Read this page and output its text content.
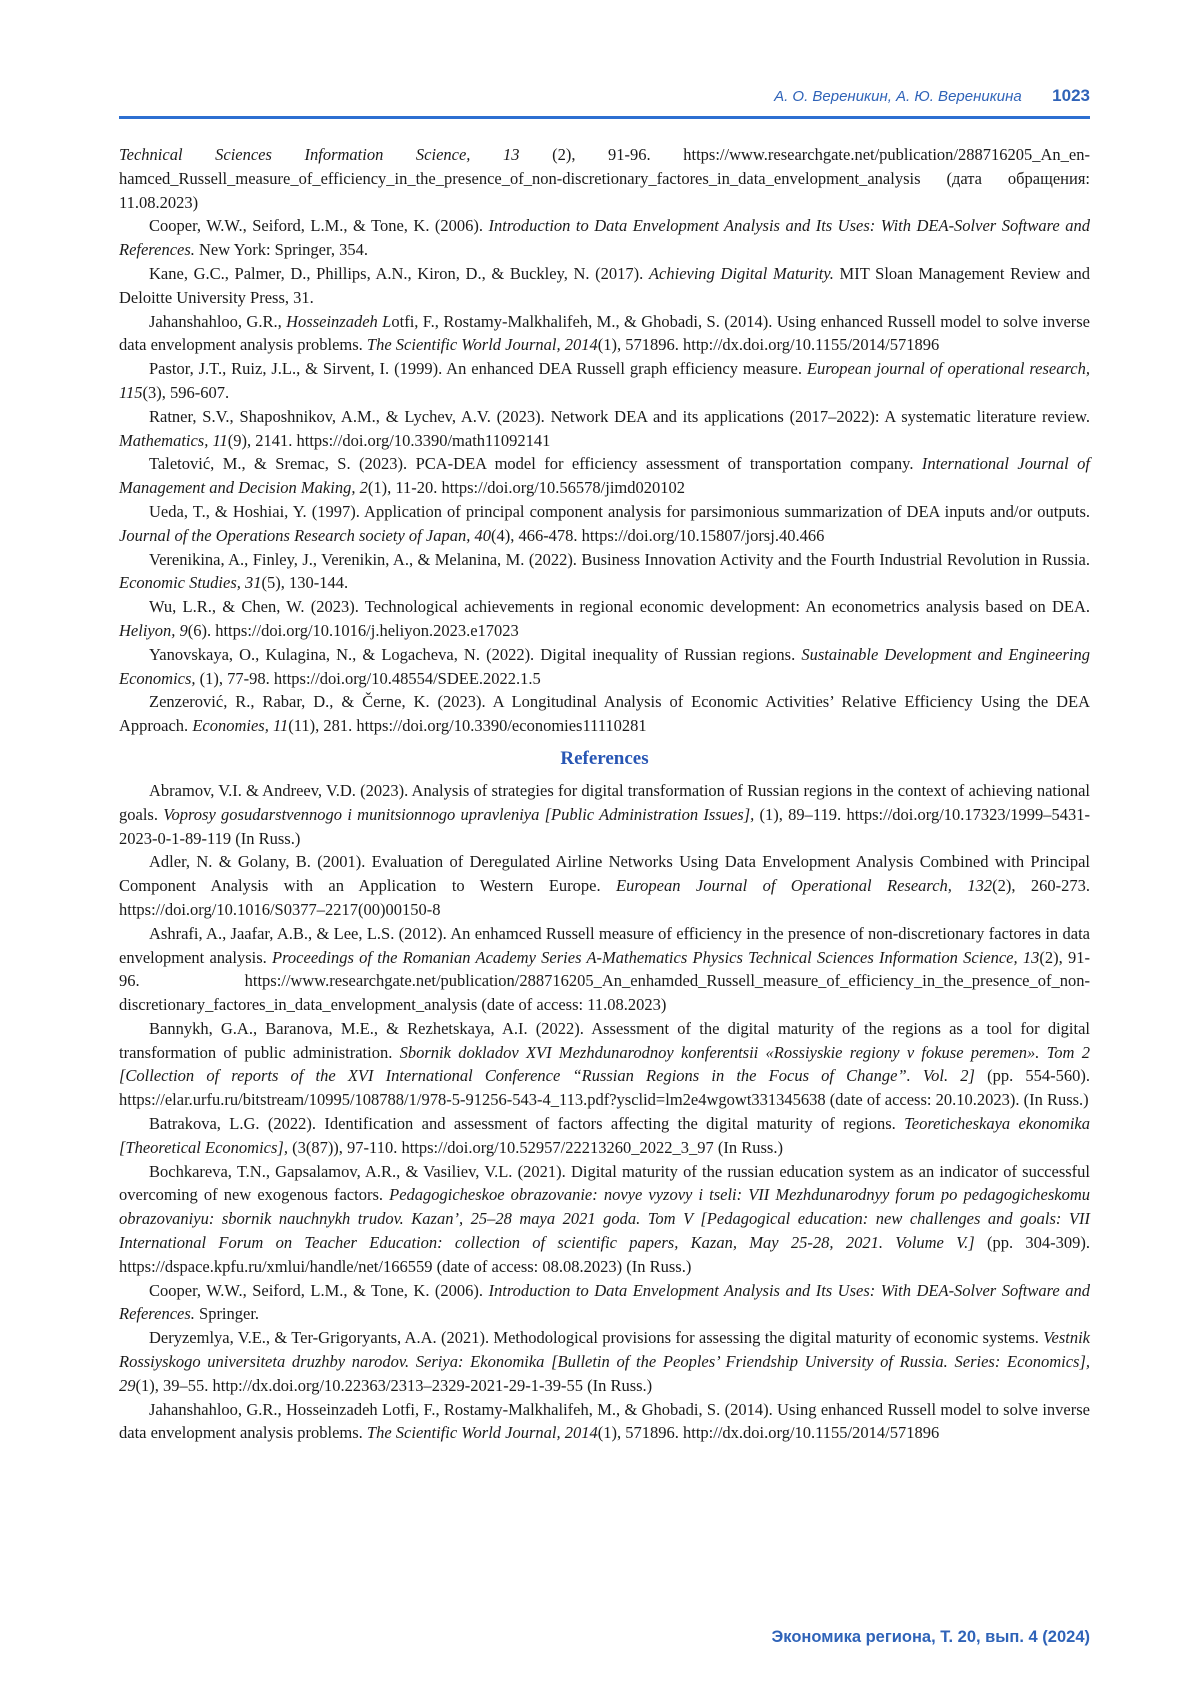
А. О. Вереникин, А. Ю. Вереникина 1023

Technical Sciences Information Science, 13 (2), 91-96. https://www.researchgate.net/publication/288716205_An_enhamced_Russell_measure_of_efficiency_in_the_presence_of_non-discretionary_factores_in_data_envelopment_analysis (дата обращения: 11.08.2023)

Cooper, W.W., Seiford, L.M., & Tone, K. (2006). Introduction to Data Envelopment Analysis and Its Uses: With DEA-Solver Software and References. New York: Springer, 354.

Kane, G.C., Palmer, D., Phillips, A.N., Kiron, D., & Buckley, N. (2017). Achieving Digital Maturity. MIT Sloan Management Review and Deloitte University Press, 31.

Jahanshahloo, G.R., Hosseinzadeh Lotfi, F., Rostamy-Malkhalifeh, M., & Ghobadi, S. (2014). Using enhanced Russell model to solve inverse data envelopment analysis problems. The Scientific World Journal, 2014(1), 571896. http://dx.doi.org/10.1155/2014/571896

Pastor, J.T., Ruiz, J.L., & Sirvent, I. (1999). An enhanced DEA Russell graph efficiency measure. European journal of operational research, 115(3), 596-607.

Ratner, S.V., Shaposhnikov, A.M., & Lychev, A.V. (2023). Network DEA and its applications (2017–2022): A systematic literature review. Mathematics, 11(9), 2141. https://doi.org/10.3390/math11092141

Taletović, M., & Sremac, S. (2023). PCA-DEA model for efficiency assessment of transportation company. International Journal of Management and Decision Making, 2(1), 11-20. https://doi.org/10.56578/jimd020102

Ueda, T., & Hoshiai, Y. (1997). Application of principal component analysis for parsimonious summarization of DEA inputs and/or outputs. Journal of the Operations Research society of Japan, 40(4), 466-478. https://doi.org/10.15807/jorsj.40.466

Verenikina, A., Finley, J., Verenikin, A., & Melanina, M. (2022). Business Innovation Activity and the Fourth Industrial Revolution in Russia. Economic Studies, 31(5), 130-144.

Wu, L.R., & Chen, W. (2023). Technological achievements in regional economic development: An econometrics analysis based on DEA. Heliyon, 9(6). https://doi.org/10.1016/j.heliyon.2023.e17023

Yanovskaya, O., Kulagina, N., & Logacheva, N. (2022). Digital inequality of Russian regions. Sustainable Development and Engineering Economics, (1), 77-98. https://doi.org/10.48554/SDEE.2022.1.5

Zenzerović, R., Rabar, D., & Černe, K. (2023). A Longitudinal Analysis of Economic Activities’ Relative Efficiency Using the DEA Approach. Economies, 11(11), 281. https://doi.org/10.3390/economies11110281

References

Abramov, V.I. & Andreev, V.D. (2023). Analysis of strategies for digital transformation of Russian regions in the context of achieving national goals. Voprosy gosudarstvennogo i munitsionnogo upravleniya [Public Administration Issues], (1), 89–119. https://doi.org/10.17323/1999–5431-2023-0-1-89-119 (In Russ.)

Adler, N. & Golany, B. (2001). Evaluation of Deregulated Airline Networks Using Data Envelopment Analysis Combined with Principal Component Analysis with an Application to Western Europe. European Journal of Operational Research, 132(2), 260-273. https://doi.org/10.1016/S0377–2217(00)00150-8

Ashrafi, A., Jaafar, A.B., & Lee, L.S. (2012). An enhamced Russell measure of efficiency in the presence of non-discretionary factores in data envelopment analysis. Proceedings of the Romanian Academy Series A-Mathematics Physics Technical Sciences Information Science, 13(2), 91-96. https://www.researchgate.net/publication/288716205_An_enhamded_Russell_measure_of_efficiency_in_the_presence_of_non-discretionary_factores_in_data_envelopment_analysis (date of access: 11.08.2023)

Bannykh, G.A., Baranova, M.E., & Rezhetskaya, A.I. (2022). Assessment of the digital maturity of the regions as a tool for digital transformation of public administration. Sbornik dokladov XVI Mezhdunarodnoy konferentsii «Rossiyskie regiony v fokuse peremen». Tom 2 [Collection of reports of the XVI International Conference “Russian Regions in the Focus of Change”. Vol. 2] (pp. 554-560). https://elar.urfu.ru/bitstream/10995/108788/1/978-5-91256-543-4_113.pdf?ysclid=lm2e4wgowt331345638 (date of access: 20.10.2023). (In Russ.)

Batrakova, L.G. (2022). Identification and assessment of factors affecting the digital maturity of regions. Teoreticheskaya ekonomika [Theoretical Economics], (3(87)), 97-110. https://doi.org/10.52957/22213260_2022_3_97 (In Russ.)

Bochkareva, T.N., Gapsalamov, A.R., & Vasiliev, V.L. (2021). Digital maturity of the russian education system as an indicator of successful overcoming of new exogenous factors. Pedagogicheskoe obrazovanie: novye vyzovy i tseli: VII Mezhdunarodnyy forum po pedagogicheskomu obrazovaniyu: sbornik nauchnykh trudov. Kazan’, 25–28 maya 2021 goda. Tom V [Pedagogical education: new challenges and goals: VII International Forum on Teacher Education: collection of scientific papers, Kazan, May 25-28, 2021. Volume V.] (pp. 304-309). https://dspace.kpfu.ru/xmlui/handle/net/166559 (date of access: 08.08.2023) (In Russ.)

Cooper, W.W., Seiford, L.M., & Tone, K. (2006). Introduction to Data Envelopment Analysis and Its Uses: With DEA-Solver Software and References. Springer.

Deryzemlya, V.E., & Ter-Grigoryants, A.A. (2021). Methodological provisions for assessing the digital maturity of economic systems. Vestnik Rossiyskogo universiteta druzhby narodov. Seriya: Ekonomika [Bulletin of the Peoples’ Friendship University of Russia. Series: Economics], 29(1), 39–55. http://dx.doi.org/10.22363/2313–2329-2021-29-1-39-55 (In Russ.)

Jahanshahloo, G.R., Hosseinzadeh Lotfi, F., Rostamy-Malkhalifeh, M., & Ghobadi, S. (2014). Using enhanced Russell model to solve inverse data envelopment analysis problems. The Scientific World Journal, 2014(1), 571896. http://dx.doi.org/10.1155/2014/571896

Экономика региона, Т. 20, вып. 4 (2024)
